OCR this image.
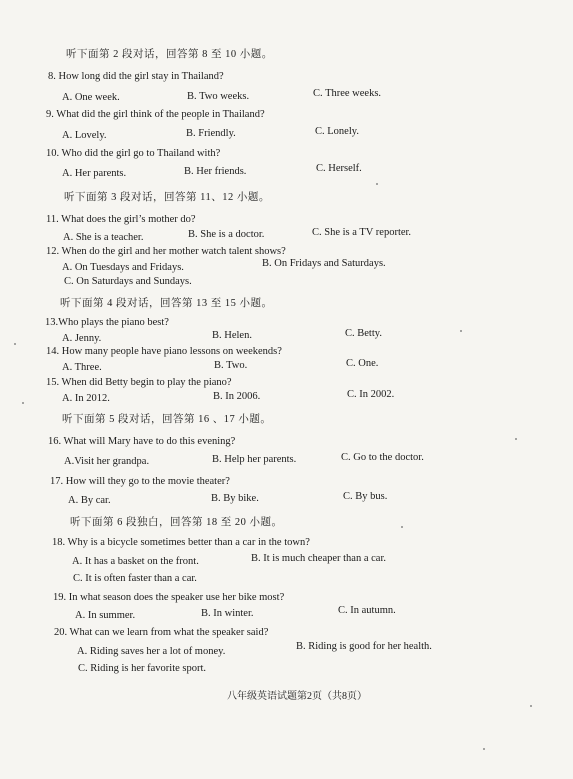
听下面第 2 段对话，回答第 8 至 10 小题。
8. How long did the girl stay in Thailand?
A. One week.	B. Two weeks.	C. Three weeks.
9. What did the girl think of the people in Thailand?
A. Lovely.	B. Friendly.	C. Lonely.
10. Who did the girl go to Thailand with?
A. Her parents.	B. Her friends.	C. Herself.
听下面第 3 段对话，回答第 11、12 小题。
11. What does the girl’s mother do?
A. She is a teacher.	B. She is a doctor.	C. She is a TV reporter.
12. When do the girl and her mother watch talent shows?
A. On Tuesdays and Fridays.	B. On Fridays and Saturdays.
C. On Saturdays and Sundays.
听下面第 4 段对话，回答第 13 至 15 小题。
13.Who plays the piano best?
A. Jenny.	B. Helen.	C. Betty.
14. How many people have piano lessons on weekends?
A. Three.	B. Two.	C. One.
15. When did Betty begin to play the piano?
A. In 2012.	B. In 2006.	C. In 2002.
听下面第 5 段对话，回答第 16 、17 小题。
16. What will Mary have to do this evening?
A.Visit her grandpa.	B. Help her parents.	C. Go to the doctor.
17. How will they go to the movie theater?
A. By car.	B. By bike.	C. By bus.
听下面第 6 段独白，回答第 18 至 20 小题。
18. Why is a bicycle sometimes better than a car in the town?
A. It has a basket on the front.	B. It is much cheaper than a car.
C. It is often faster than a car.
19. In what season does the speaker use her bike most?
A. In summer.	B. In winter.	C. In autumn.
20. What can we learn from what the speaker said?
A. Riding saves her a lot of money.	B. Riding is good for her health.
C. Riding is her favorite sport.
八年级英语试题第2页（共8页）
